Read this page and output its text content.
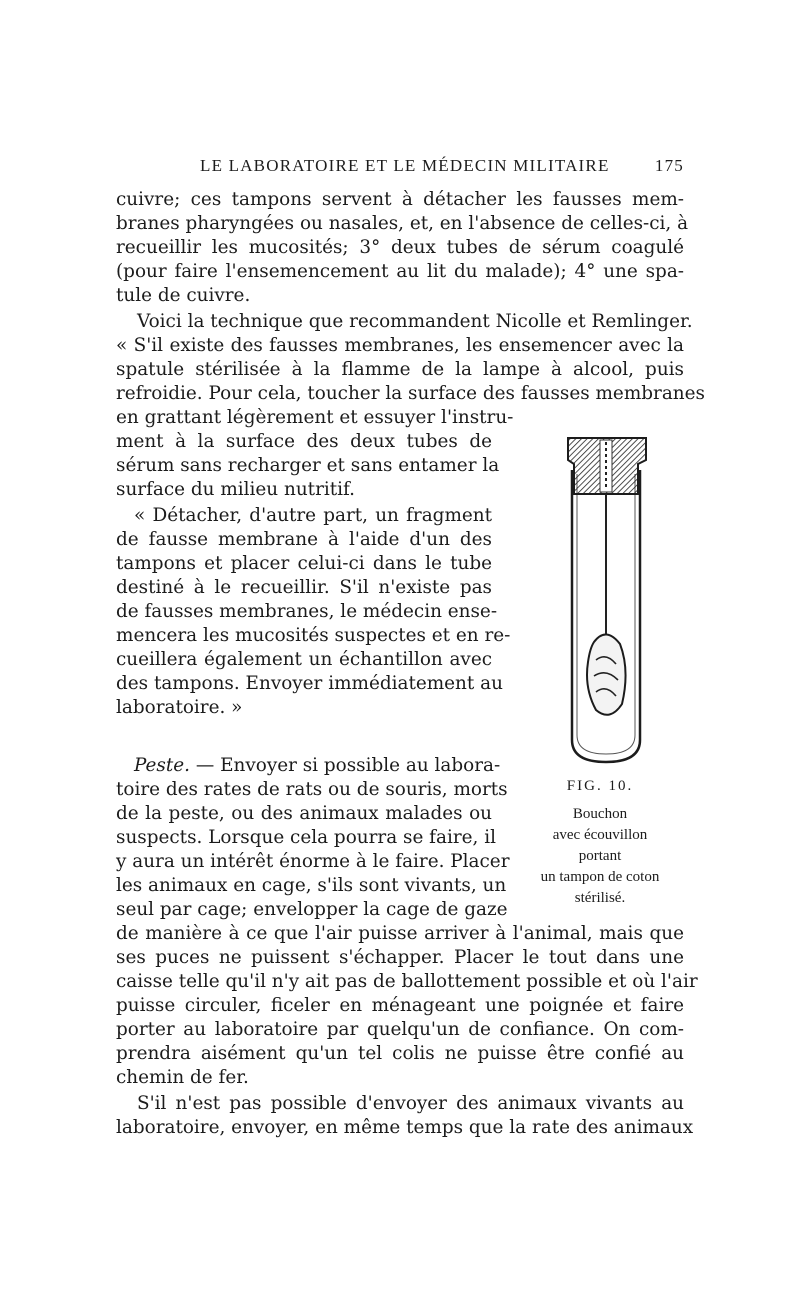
LE LABORATOIRE ET LE MÉDECIN MILITAIRE	175
cuivre; ces tampons servent à détacher les fausses mem-
branes pharyngées ou nasales, et, en l'absence de celles-ci, à
recueillir les mucosités; 3° deux tubes de sérum coagulé
(pour faire l'ensemencement au lit du malade); 4° une spa-
tule de cuivre.
Voici la technique que recommandent Nicolle et Remlinger.
« S'il existe des fausses membranes, les ensemencer avec la
spatule stérilisée à la flamme de la lampe à alcool, puis
refroidie. Pour cela, toucher la surface des fausses membranes
en grattant légèrement et essuyer l'instru-
ment à la surface des deux tubes de
sérum sans recharger et sans entamer la
surface du milieu nutritif.
« Détacher, d'autre part, un fragment
de fausse membrane à l'aide d'un des
tampons et placer celui-ci dans le tube
destiné à le recueillir. S'il n'existe pas
de fausses membranes, le médecin ense-
mencera les mucosités suspectes et en re-
cueillera également un échantillon avec
des tampons. Envoyer immédiatement au
laboratoire. »
Peste. — Envoyer si possible au labora-
toire des rates de rats ou de souris, morts
de la peste, ou des animaux malades ou
suspects. Lorsque cela pourra se faire, il
y aura un intérêt énorme à le faire. Placer
les animaux en cage, s'ils sont vivants, un
seul par cage; envelopper la cage de gaze
de manière à ce que l'air puisse arriver à l'animal, mais que
ses puces ne puissent s'échapper. Placer le tout dans une
caisse telle qu'il n'y ait pas de ballottement possible et où l'air
puisse circuler, ficeler en ménageant une poignée et faire
porter au laboratoire par quelqu'un de confiance. On com-
prendra aisément qu'un tel colis ne puisse être confié au
chemin de fer.
S'il n'est pas possible d'envoyer des animaux vivants au
laboratoire, envoyer, en même temps que la rate des animaux
FIG. 10.
Bouchon
avec écouvillon
portant
un tampon de coton
stérilisé.
